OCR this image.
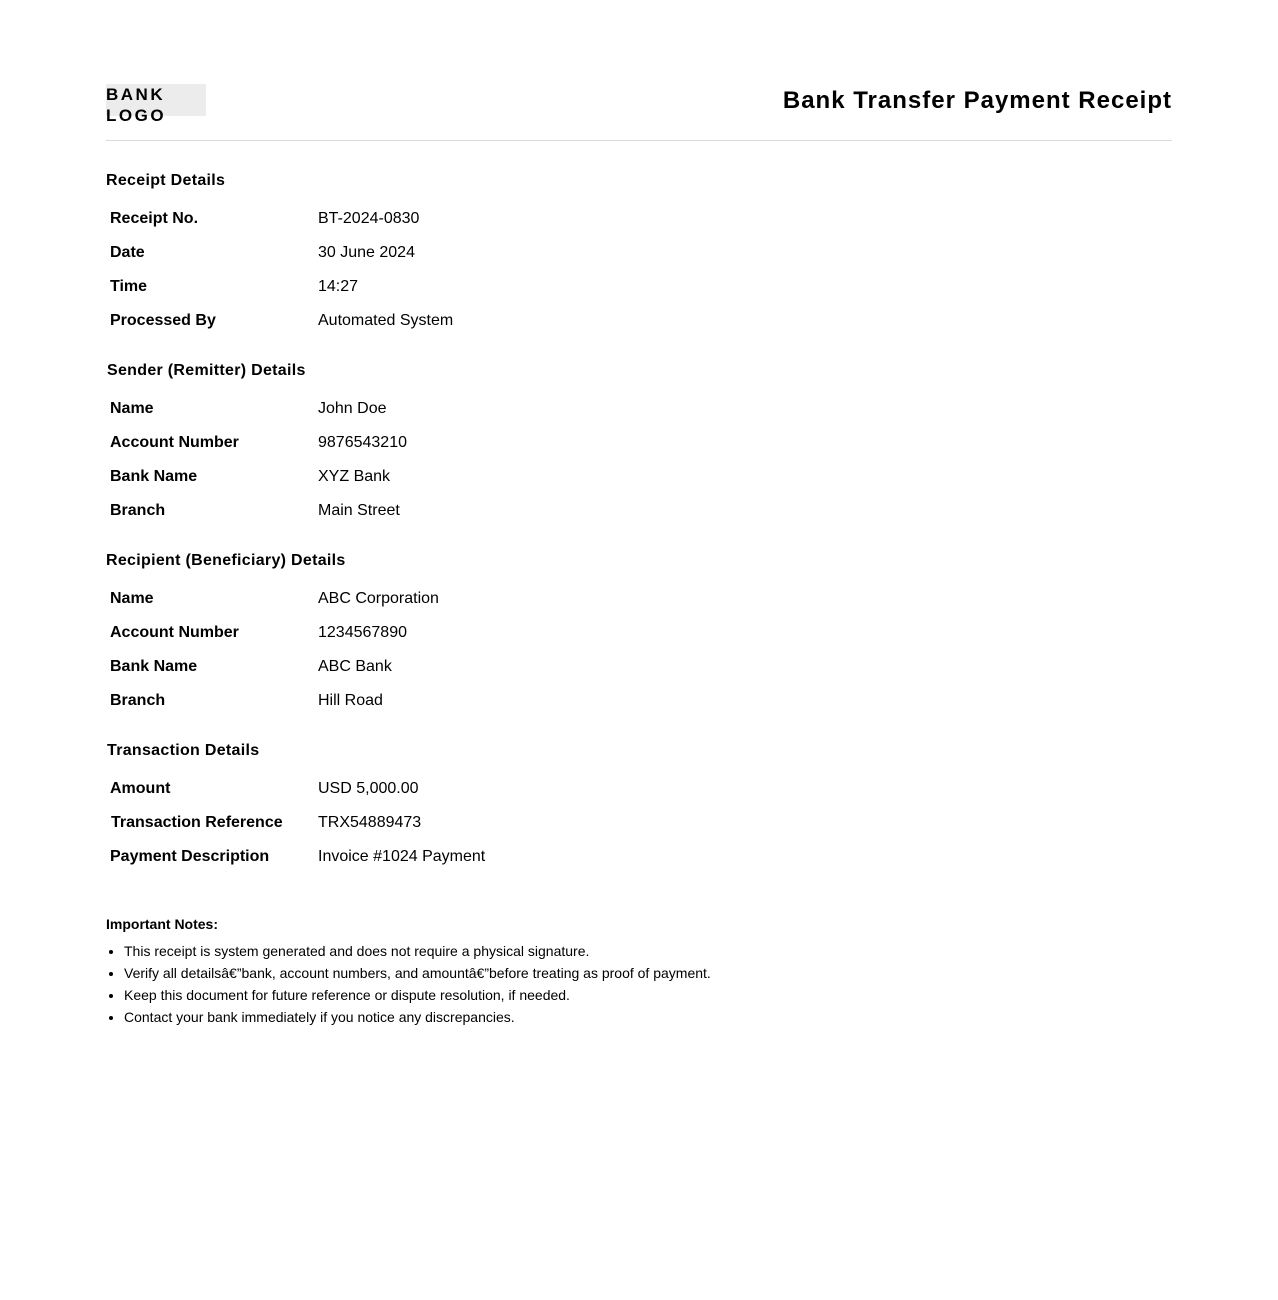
BANK LOGO
Bank Transfer Payment Receipt
Receipt Details
Receipt No.	BT-2024-0830
Date	30 June 2024
Time	14:27
Processed By	Automated System
Sender (Remitter) Details
Name	John Doe
Account Number	9876543210
Bank Name	XYZ Bank
Branch	Main Street
Recipient (Beneficiary) Details
Name	ABC Corporation
Account Number	1234567890
Bank Name	ABC Bank
Branch	Hill Road
Transaction Details
Amount	USD 5,000.00
Transaction Reference TRX54889473
Payment Description	Invoice #1024 Payment
Important Notes:
• This receipt is system generated and does not require a physical signature.
• Verify all detailsâ€”bank, account numbers, and amountâ€”before treating as proof of payment.
• Keep this document for future reference or dispute resolution, if needed.
• Contact your bank immediately if you notice any discrepancies.
